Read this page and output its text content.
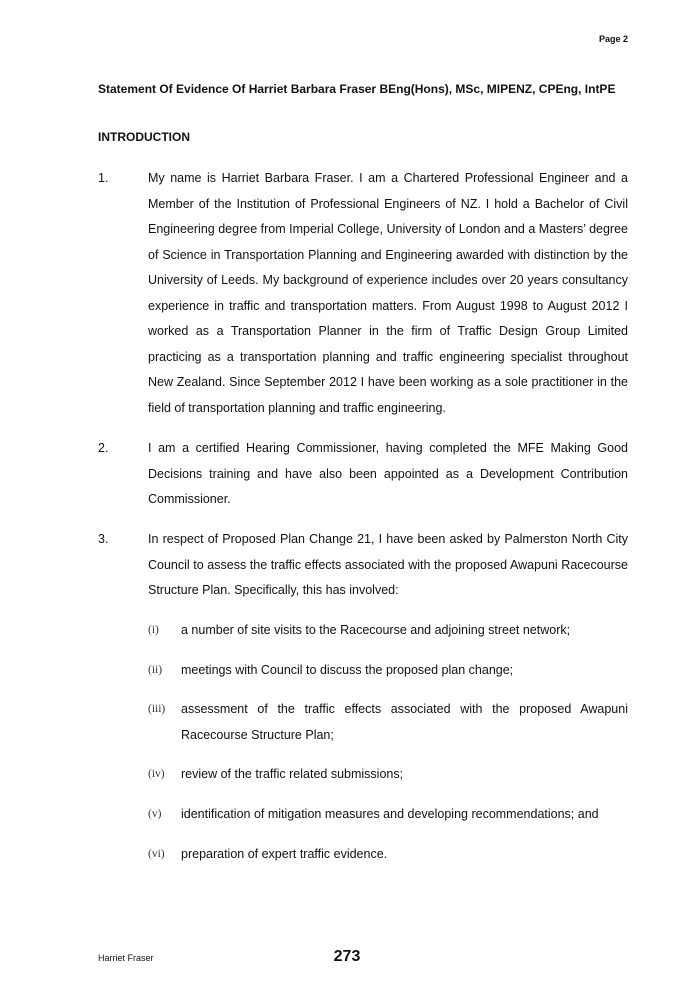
Page 2
Statement Of Evidence Of Harriet Barbara Fraser BEng(Hons), MSc, MIPENZ, CPEng, IntPE
INTRODUCTION
1.	My name is Harriet Barbara Fraser. I am a Chartered Professional Engineer and a Member of the Institution of Professional Engineers of NZ. I hold a Bachelor of Civil Engineering degree from Imperial College, University of London and a Masters’ degree of Science in Transportation Planning and Engineering awarded with distinction by the University of Leeds. My background of experience includes over 20 years consultancy experience in traffic and transportation matters. From August 1998 to August 2012 I worked as a Transportation Planner in the firm of Traffic Design Group Limited practicing as a transportation planning and traffic engineering specialist throughout New Zealand. Since September 2012 I have been working as a sole practitioner in the field of transportation planning and traffic engineering.
2.	I am a certified Hearing Commissioner, having completed the MFE Making Good Decisions training and have also been appointed as a Development Contribution Commissioner.
3.	In respect of Proposed Plan Change 21, I have been asked by Palmerston North City Council to assess the traffic effects associated with the proposed Awapuni Racecourse Structure Plan. Specifically, this has involved:
(i) a number of site visits to the Racecourse and adjoining street network;
(ii) meetings with Council to discuss the proposed plan change;
(iii) assessment of the traffic effects associated with the proposed Awapuni Racecourse Structure Plan;
(iv) review of the traffic related submissions;
(v) identification of mitigation measures and developing recommendations; and
(vi) preparation of expert traffic evidence.
Harriet Fraser	273
